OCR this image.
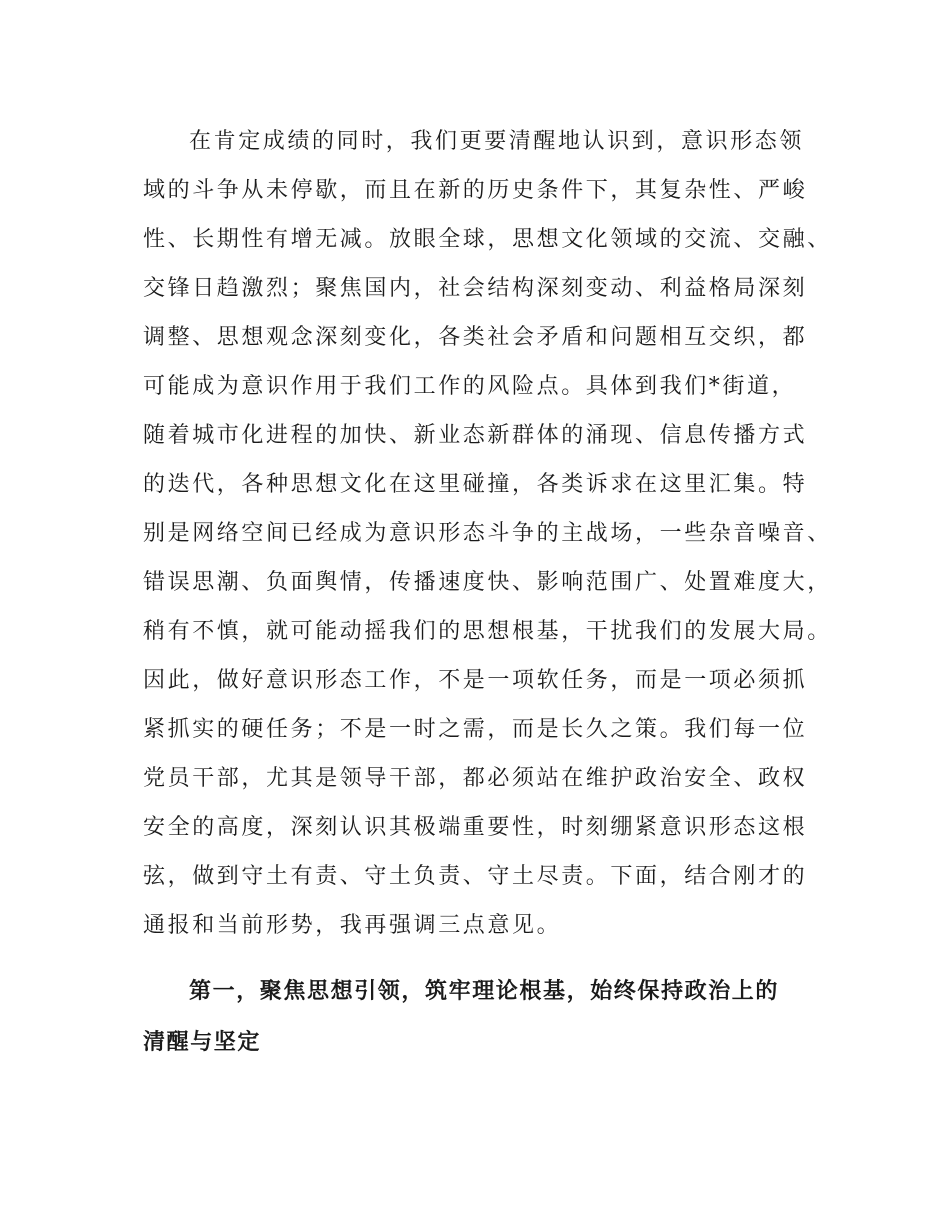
在肯定成绩的同时，我们更要清醒地认识到，意识形态领
域的斗争从未停歇，而且在新的历史条件下，其复杂性、严峻
性、长期性有增无减。放眼全球，思想文化领域的交流、交融、
交锋日趋激烈；聚焦国内，社会结构深刻变动、利益格局深刻
调整、思想观念深刻变化，各类社会矛盾和问题相互交织，都
可能成为意识作用于我们工作的风险点。具体到我们*街道，
随着城市化进程的加快、新业态新群体的涌现、信息传播方式
的迭代，各种思想文化在这里碰撞，各类诉求在这里汇集。特
别是网络空间已经成为意识形态斗争的主战场，一些杂音噪音、
错误思潮、负面舆情，传播速度快、影响范围广、处置难度大，
稍有不慎，就可能动摇我们的思想根基，干扰我们的发展大局。
因此，做好意识形态工作，不是一项软任务，而是一项必须抓
紧抓实的硬任务；不是一时之需，而是长久之策。我们每一位
党员干部，尤其是领导干部，都必须站在维护政治安全、政权
安全的高度，深刻认识其极端重要性，时刻绷紧意识形态这根
弦，做到守土有责、守土负责、守土尽责。下面，结合刚才的
通报和当前形势，我再强调三点意见。
第一，聚焦思想引领，筑牢理论根基，始终保持政治上的
清醒与坚定
